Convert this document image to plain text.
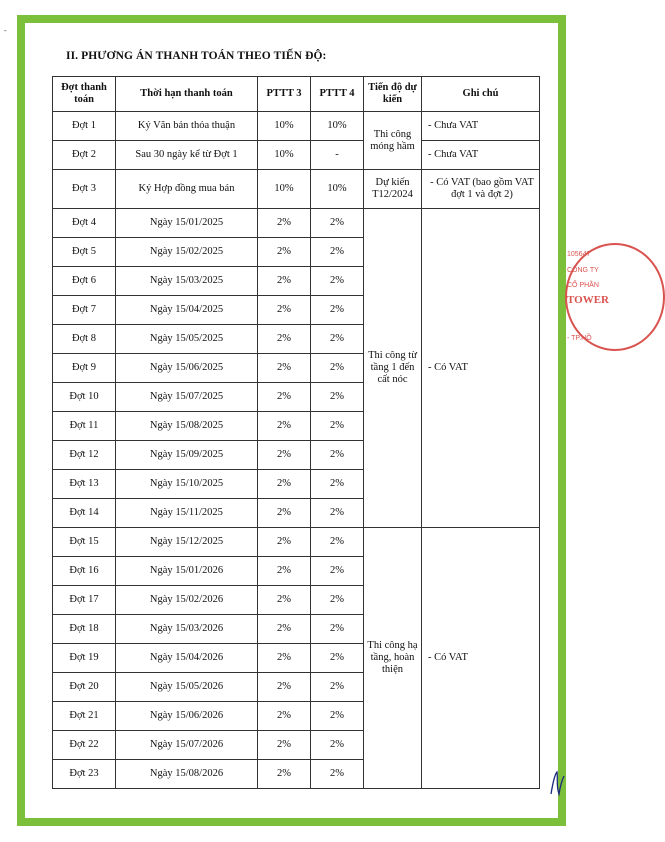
-
II. PHƯƠNG ÁN THANH TOÁN THEO TIẾN ĐỘ:
Đợt thanh toán	Thời hạn thanh toán	PTTT 3	PTTT 4	Tiến độ dự kiến	Ghi chú
Đợt 1	Ký Văn bản thỏa thuận	10%	10%	Thi công móng hầm	- Chưa VAT
Đợt 2	Sau 30 ngày kể từ Đợt 1	10%	-		- Chưa VAT
Đợt 3	Ký Hợp đồng mua bán	10%	10%	Dự kiến T12/2024	- Có VAT (bao gồm VAT đợt 1 và đợt 2)
Đợt 4	Ngày 15/01/2025	2%	2%	Thi công từ tầng 1 đến cất nóc	- Có VAT
Đợt 5	Ngày 15/02/2025	2%	2%		
Đợt 6	Ngày 15/03/2025	2%	2%		
Đợt 7	Ngày 15/04/2025	2%	2%		
Đợt 8	Ngày 15/05/2025	2%	2%		
Đợt 9	Ngày 15/06/2025	2%	2%		
Đợt 10	Ngày 15/07/2025	2%	2%		
Đợt 11	Ngày 15/08/2025	2%	2%		
Đợt 12	Ngày 15/09/2025	2%	2%		
Đợt 13	Ngày 15/10/2025	2%	2%		
Đợt 14	Ngày 15/11/2025	2%	2%		
Đợt 15	Ngày 15/12/2025	2%	2%	Thi công hạ tầng, hoàn thiện	- Có VAT
Đợt 16	Ngày 15/01/2026	2%	2%		
Đợt 17	Ngày 15/02/2026	2%	2%		
Đợt 18	Ngày 15/03/2026	2%	2%		
Đợt 19	Ngày 15/04/2026	2%	2%		
Đợt 20	Ngày 15/05/2026	2%	2%		
Đợt 21	Ngày 15/06/2026	2%	2%		
Đợt 22	Ngày 15/07/2026	2%	2%		
Đợt 23	Ngày 15/08/2026	2%	2%		
105647
CÔNG TY
CỔ PHẦN
TOWER
- TP.HỒ
